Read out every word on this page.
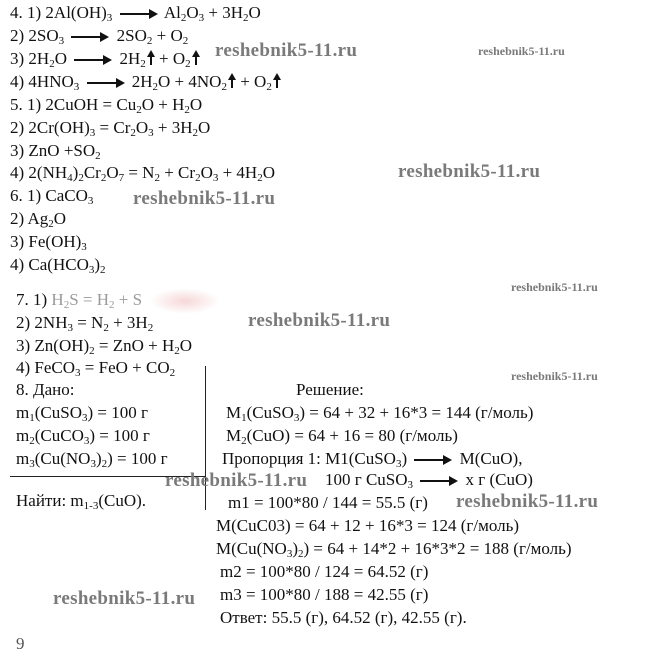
4. 1) $2Al(OH)_3$	$Al_2O_3 + 3H_2O$
2) $2SO_3$	$2SO_2 + O_2$
3) $2H_2O$	$2H_2 + O_2$
4) $4HNO_3$	$2H_2O + 4NO_2 + O_2$
5. 1) 2CuOH = $Cu_2O + H_2O$
2) $2Cr(OH)_3 = Cr_2O_3 + 3H_2O$
3) ZnO $+SO_2$
4) $2(NH_4)_2Cr_2O_7 = N_2 + Cr_2O_3 + 4H_2O$
6. 1) CaCO$_3$
2) $Ag_2O$
3) $Fe(OH)_3$
4) $Ca(HCO_3)_2$
7. 1) $H_2S = H_2 + S$
2) $2NH_3 = N_2 + 3H_2$
3) $Zn(OH)_2$ = ZnO + $H_2O$
4) FeCO$_3$ = FeO + $CO_2$
8. Дано:
$m_1(CuSO_3) = 100$ г
$m_2(CuCO_3) = 100$ г
$m_3(Cu(NO_3)_2) = 100$ г
Найти: $m_{1-3}(CuO)$.
Решение:
$M_1(CuSO_3) = 64 + 32 + 16*3 = 144$ (г/моль)
$M_2(CuO) = 64 + 16 = 80$ (г/моль)
Пропорция 1: M1(CuSO$_3$)	M(CuO),
100 г CuSO$_3$	х г (CuO)
m1 = 100*80 / 144 = 55.5 (г)
M(CuC03) = 64 + 12 + 16*3 = 124 (г/моль)
$M(Cu(NO_3)_2) = 64 + 14*2 + 16*3*2 = 188$ (г/моль)
m2 = 100*80 / 124 = 64.52 (г)
m3 = 100*80 / 188 = 42.55 (г)
Ответ: 55.5 (г), 64.52 (г), 42.55 (г).
9
reshebnik5-11.ru	reshebnik5-11.ru
reshebnik5-11.ru
reshebnik5-11.ru
reshebnik5-11.ru
reshebnik5-11.ru
reshebnik5-11.ru
reshebnik5-11.ru
reshebnik5-11.ru
reshebnik5-11.ru
